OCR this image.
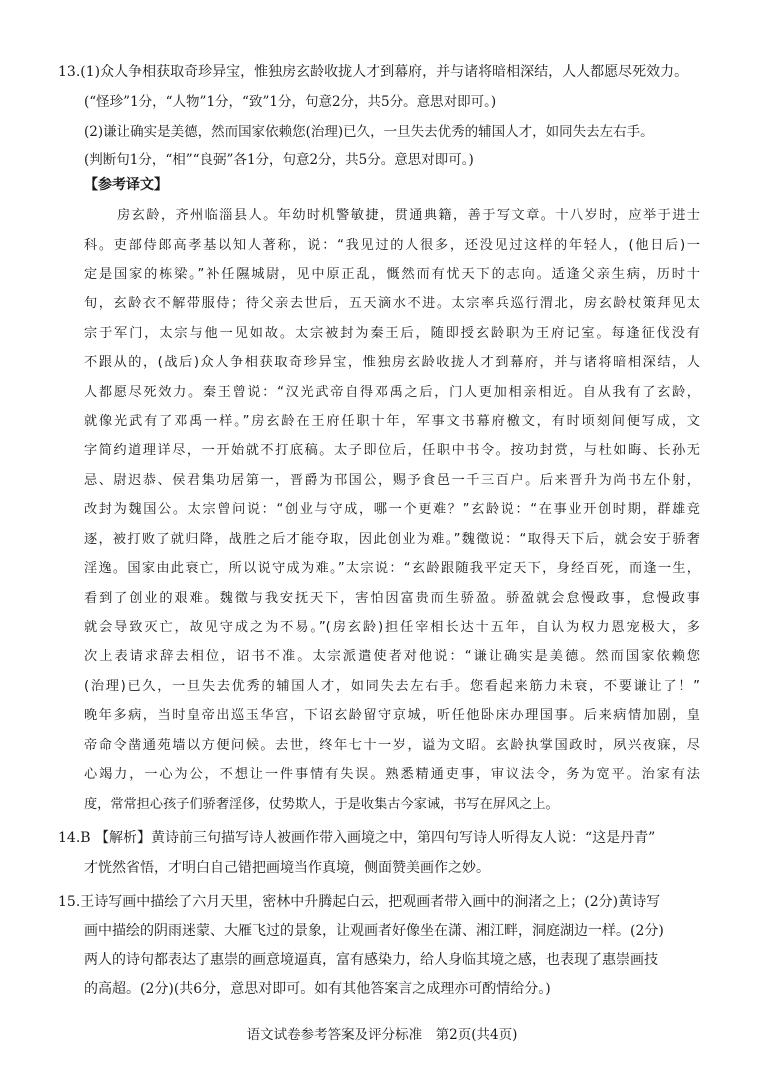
13.(1)众人争相获取奇珍异宝，惟独房玄龄收拢人才到幕府，并与诸将暗相深结，人人都愿尽死效力。
(“怪珍”1分，“人物”1分，“致”1分，句意2分，共5分。意思对即可。)
(2)谦让确实是美德，然而国家依赖您(治理)已久，一旦失去优秀的辅国人才，如同失去左右手。
(判断句1分，“相”“良弼”各1分，句意2分，共5分。意思对即可。)
【参考译文】
房玄龄，齐州临淄县人。年幼时机警敏捷，贯通典籍，善于写文章。十八岁时，应举于进士
科。吏部侍郎高孝基以知人著称，说：“我见过的人很多，还没见过这样的年轻人，(他日后)一
定是国家的栋梁。”补任隰城尉，见中原正乱，慨然而有忧天下的志向。适逢父亲生病，历时十
旬，玄龄衣不解带服侍；待父亲去世后，五天滴水不进。太宗率兵巡行渭北，房玄龄杖策拜见太
宗于军门，太宗与他一见如故。太宗被封为秦王后，随即授玄龄职为王府记室。每逢征伐没有
不跟从的，(战后)众人争相获取奇珍异宝，惟独房玄龄收拢人才到幕府，并与诸将暗相深结，人
人都愿尽死效力。秦王曾说：“汉光武帝自得邓禹之后，门人更加相亲相近。自从我有了玄龄，
就像光武有了邓禹一样。”房玄龄在王府任职十年，军事文书幕府檄文，有时顷刻间便写成，文
字简约道理详尽，一开始就不打底稿。太子即位后，任职中书令。按功封赏，与杜如晦、长孙无
忌、尉迟恭、侯君集功居第一，晋爵为邗国公，赐予食邑一千三百户。后来晋升为尚书左仆射，
改封为魏国公。太宗曾问说：“创业与守成，哪一个更难？”玄龄说：“在事业开创时期，群雄竞
逐，被打败了就归降，战胜之后才能夺取，因此创业为难。”魏徵说：“取得天下后，就会安于骄奢
淫逸。国家由此衰亡，所以说守成为难。”太宗说：“玄龄跟随我平定天下，身经百死，而逢一生，
看到了创业的艰难。魏徵与我安抚天下，害怕因富贵而生骄盈。骄盈就会怠慢政事，怠慢政事
就会导致灭亡，故见守成之为不易。”(房玄龄)担任宰相长达十五年，自认为权力恩宠极大，多
次上表请求辞去相位，诏书不准。太宗派遣使者对他说：“谦让确实是美德。然而国家依赖您
(治理)已久，一旦失去优秀的辅国人才，如同失去左右手。您看起来筋力未衰，不要谦让了！”
晚年多病，当时皇帝出巡玉华宫，下诏玄龄留守京城，听任他卧床办理国事。后来病情加剧，皇
帝命令凿通苑墙以方便问候。去世，终年七十一岁，谥为文昭。玄龄执掌国政时，夙兴夜寐，尽
心竭力，一心为公，不想让一件事情有失误。熟悉精通吏事，审议法令，务为宽平。治家有法
度，常常担心孩子们骄奢淫侈，仗势欺人，于是收集古今家诫，书写在屏风之上。
14.B 【解析】黄诗前三句描写诗人被画作带入画境之中，第四句写诗人听得友人说：“这是丹青”
才恍然省悟，才明白自己错把画境当作真境，侧面赞美画作之妙。
15.王诗写画中描绘了六月天里，密林中升腾起白云，把观画者带入画中的涧渚之上；(2分)黄诗写
画中描绘的阴雨迷蒙、大雁飞过的景象，让观画者好像坐在潇、湘江畔，洞庭湖边一样。(2分)
两人的诗句都表达了惠崇的画意境逼真，富有感染力，给人身临其境之感，也表现了惠崇画技
的高超。(2分)(共6分，意思对即可。如有其他答案言之成理亦可酌情给分。)
语文试卷参考答案及评分标准　第2页(共4页)
